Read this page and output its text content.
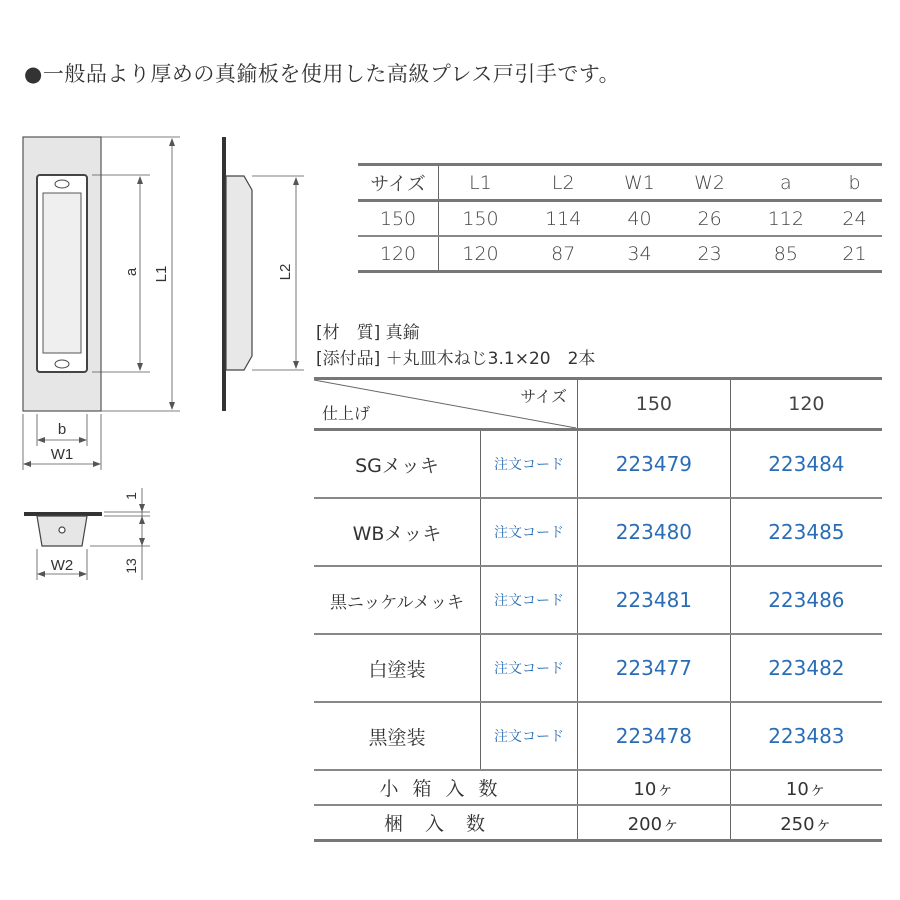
●一般品より厚めの真鍮板を使用した高級プレス戸引手です。
a L1
b
W1
L2
W2
1
13
サイズ	L1	L2	W1	W2	a	b
150	150	114	40	26	112	24
120	120	87	34	23	85	21
[材　質] 真鍮
[添付品] ＋丸皿木ねじ3.1×20　2本
サイズ
仕上げ		150	120
SGメッキ	注文コード	223479	223484
WBメッキ	注文コード	223480	223485
黒ニッケルメッキ	注文コード	223481	223486
白塗装	注文コード	223477	223482
黒塗装	注文コード	223478	223483
小箱入数		10ヶ	10ヶ
梱入数		200ヶ	250ヶ
